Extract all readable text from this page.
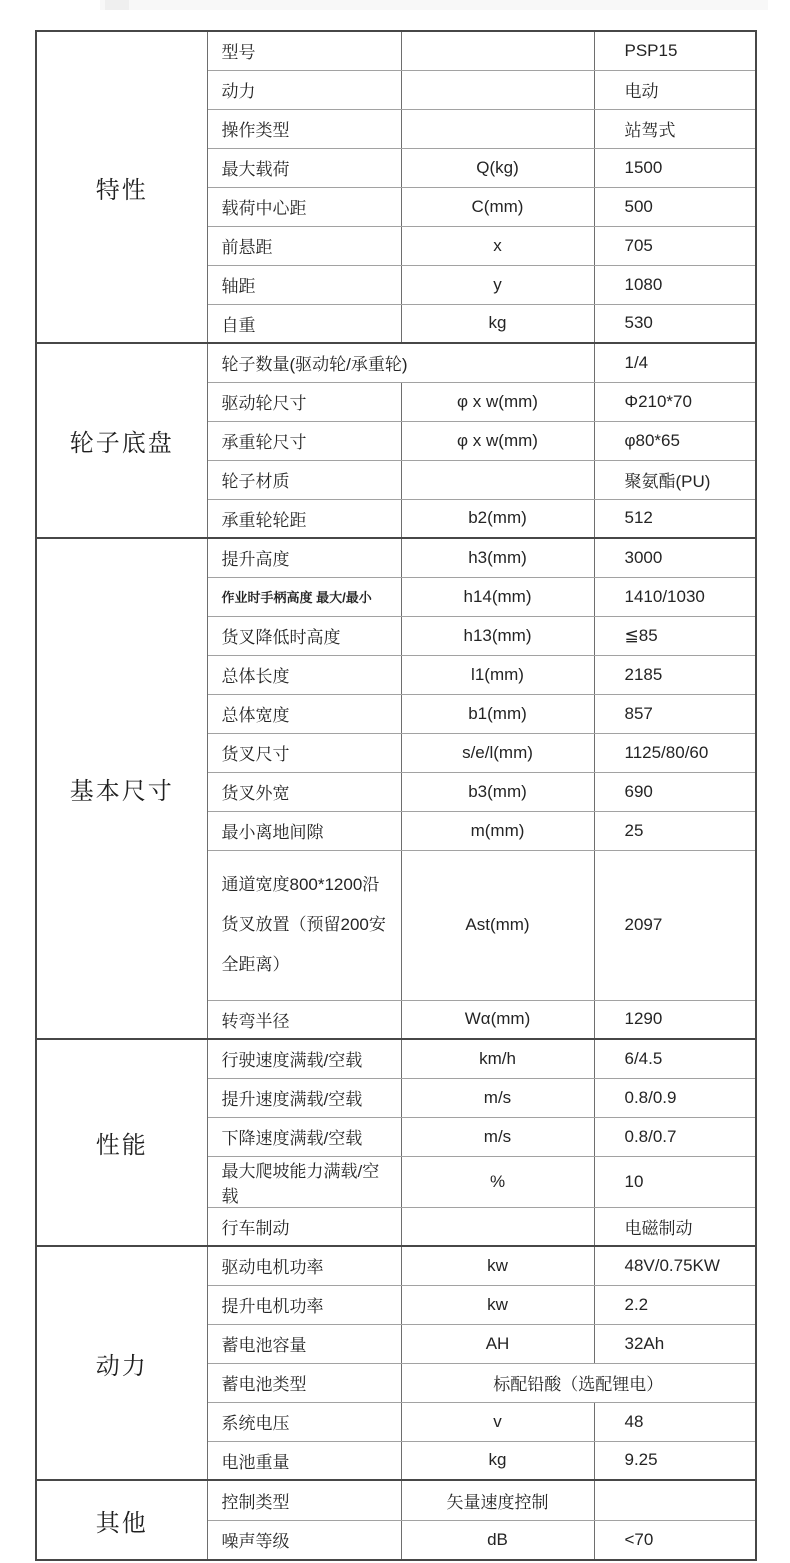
特性	型号		PSP15
	动力		电动
	操作类型		站驾式
	最大载荷	Q(kg)	1500
	载荷中心距	C(mm)	500
	前悬距	x	705
	轴距	y	1080
	自重	kg	530
轮子底盘	轮子数量(驱动轮/承重轮)		1/4
	驱动轮尺寸	φ x w(mm)	Φ210*70
	承重轮尺寸	φ x w(mm)	φ80*65
	轮子材质		聚氨酯(PU)
	承重轮轮距	b2(mm)	512
基本尺寸	提升高度	h3(mm)	3000
	作业时手柄高度 最大/最小	h14(mm)	1410/1030
	货叉降低时高度	h13(mm)	≦85
	总体长度	l1(mm)	2185
	总体宽度	b1(mm)	857
	货叉尺寸	s/e/l(mm)	1125/80/60
	货叉外宽	b3(mm)	690
	最小离地间隙	m(mm)	25
	通道宽度800*1200沿货叉放置（预留200安全距离）	Ast(mm)	2097
	转弯半径	Wα(mm)	1290
性能	行驶速度满载/空载	km/h	6/4.5
	提升速度满载/空载	m/s	0.8/0.9
	下降速度满载/空载	m/s	0.8/0.7
	最大爬坡能力满载/空载	%	10
	行车制动		电磁制动
动力	驱动电机功率	kw	48V/0.75KW
	提升电机功率	kw	2.2
	蓄电池容量	AH	32Ah
	蓄电池类型	标配铅酸（选配锂电）	
	系统电压	v	48
	电池重量	kg	9.25
其他	控制类型	矢量速度控制	
	噪声等级	dB	<70
